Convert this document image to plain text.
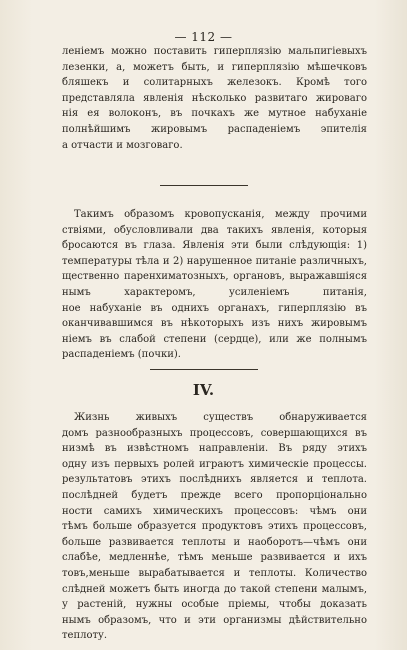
— 112 —
леніемъ можно поставить гиперплязію мальпигіевыхъ
лезенки, а, можетъ быть, и гиперплязію мѣшечковъ
бляшекъ и солитарныхъ железокъ. Кромѣ того
представляла явленія нѣсколько развитаго жироваго
нія ея волоконъ, въ почкахъ же мутное набуханіе
полнѣйшимъ жировымъ распаденіемъ эпителія
а отчасти и мозговаго.
Такимъ образомъ кровопусканія, между прочими
ствіями, обусловливали два такихъ явленія, которыя
бросаются въ глаза. Явленія эти были слѣдующія: 1)
температуры тѣла и 2) нарушенное питаніе различныхъ,
щественно паренхиматозныхъ, органовъ, выражавшіяся
нымъ характеромъ, усиленіемъ питанія,
ное набуханіе въ однихъ органахъ, гиперплязію въ
оканчивавшимся въ нѣкоторыхъ изъ нихъ жировымъ
ніемъ въ слабой степени (сердце), или же полнымъ
распаденіемъ (почки).
IV.
Жизнь живыхъ существъ обнаруживается
домъ разнообразныхъ процессовъ, совершающихся въ
низмѣ въ извѣстномъ направленіи. Въ ряду этихъ
одну изъ первыхъ ролей играютъ химическіе процессы.
результатовъ этихъ послѣднихъ является и теплота.
послѣдней будетъ прежде всего пропорціонально
ности самихъ химическихъ процессовъ: чѣмъ они
тѣмъ больше образуется продуктовъ этихъ процессовъ,
больше развивается теплоты и наоборотъ—чѣмъ они
слабѣе, медленнѣе, тѣмъ меньше развивается и ихъ
товъ,меньше вырабатывается и теплоты. Количество
слѣдней можетъ быть иногда до такой степени малымъ,
у растеній, нужны особые пріемы, чтобы доказать
нымъ образомъ, что и эти организмы дѣйствительно
теплоту.
